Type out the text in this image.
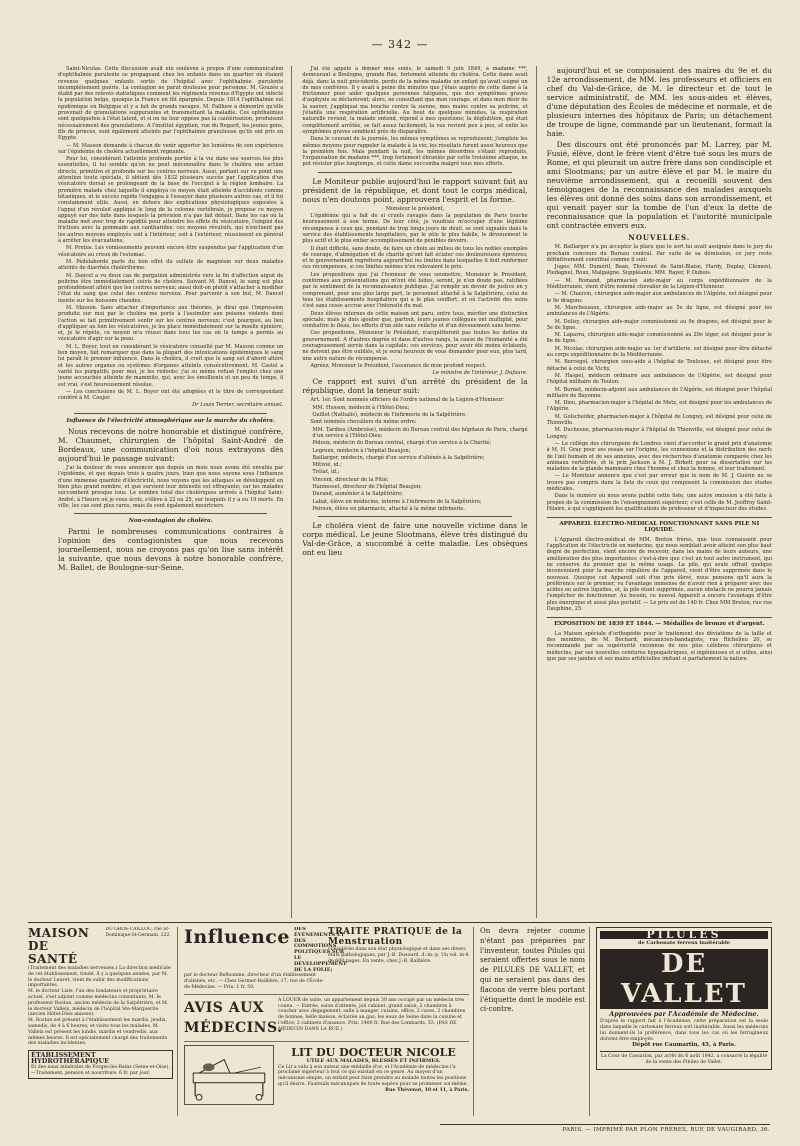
— 342 —

Saint-Nicolas. Cette discussion avait été soulevée à propos d'une communication d'ophthalmie purulente se propageant chez les enfants dans un quartier où étaient revenus quelques enfants sortis de l'hôpital avec l'ophthalmie purulente incomplétement guérie. La contagion ne parut douteuse pour personne. M. Gouzée a établi par des relevés statistiques comment les régiments revenus d'Égypte ont infecté la population belge, quoique la France en fût épargnée. Depuis 1814 l'ophthalmie est épidémique en Belgique et y a fait de grands ravages. M. Fallhow a démontré qu'elle provenait de granulations suppurantes et transmettant la maladie. Ces ophthalmies sont quelquefois à l'état latent, et si on ne leur oppose pas la cautérisation, produisent nécessairement des granulations. A l'institut égyptien, rue du Regard, les jeunes gens, fils de princes, sont également atteints par l'ophthalmie granuleuse qu'ils ont pris en Égypte.

— M. Masson demande à chacun de venir apporter les lumières de son expérience sur l'épidémie de choléra actuellement régnante.

Pour lui, considérant l'atteinte profonde portée à la vie dans ses sources les plus essentielles, il lui semble qu'on ne peut méconnaître dans le choléra une action directe, primitive et profonde sur les centres nerveux. Aussi, portant sur ce point une attention toute spéciale, il obtient dès 1832 plusieurs succès par l'application d'un vésicatoire dorsal se prolongeant de la base de l'occiput à la région lombaire. La première malade chez laquelle il employa ce moyen était atteinte d'accidents comme tétaniques, et le succès rapide l'engagea à l'essayer dans plusieurs autres cas, et il fut constamment utile. Aussi, en dehors des explications physiologiques exposées à l'appui d'un révulsif appliqué le long de la colonne vertébrale, je propose ce moyen appuyé sur des faits dans lesquels la prévision n'a pas fait défaut. Dans les cas où la maladie met avec trop de rapidité pour attendre les effets du vésicatoire, l'emploi des frictions avec la pommade aux cantharides; ces moyens révulsifs, qui n'excluent pas les autres moyens employés soit à l'intérieur, soit à l'extérieur, réussissent en général à arrêter les évacuations.

M. Pretus. Les vomissements peuvent encore être suspendus par l'application d'un vésicatoire au creux de l'estomac.

M. Pédelaborde parle du bon effet du sulfate de magnésie sur deux malades atteints de diarrhée cholériforme.

M. Dancel a vu deux cas de purgation administrée vers la fin d'affection aiguë de poitrine être immédiatement suivis de choléra. Suivant M. Dancel, le sang est plus profondément altéré que les centres nerveux; aussi doit-on plutôt s'attacher à modifier l'état du sang que celui des centres nerveux. Pour parvenir à son but, M. Dancel insiste sur les boissons chaudes.

M. Masson. Sans attacher d'importance aux théories, je dirai que l'impression produite sur moi par le choléra me porte à l'assimiler aux poisons violents dont l'action se fait primitivement sentir sur les centres nerveux; c'est pourquoi, au lieu d'appliquer au loin les vésicatoires, je les place immédiatement sur la moelle épinière, et, je le répète, ce moyen m'a réussi dans tous les cas où le temps a permis au vésicatoire d'agir sur la peau.

M. L. Boyer, tout en considérant le vésicatoire conseillé par M. Masson comme un bon moyen, fait remarquer que dans la plupart des intoxications épidémiques le sang lui paraît le premier influencé. Dans le choléra, il croit que le sang est d'abord altéré et les autres organes ou systèmes d'organes atteints consécutivement. M. Castel a vanté les purgatifs; pour moi, je les redoute; j'ai su même refusé l'emploi chez une jeune accouchée atteinte de mammite, qui, avec les émollients et un peu de temps, il est vrai, s'est heureusement résolue.

— Les conclusions de M. L. Boyer ont été adoptées et le titre de correspondant conféré à M. Caujer.

Dr Louis Terrier, secrétaire annuel.

Influence de l'électricité atmosphérique sur la marche du choléra.

Nous recevons de notre honorable et distingué confrère, M. Chaumet, chirurgien de l'hôpital Saint-André de Bordeaux, une communication d'où nous extrayons dès aujourd'hui le passage suivant:

J'ai la douleur de vous annoncer que depuis un mois nous avons été envahis par l'épidémie, et que depuis trois à quatre jours, bien que nous soyons sous l'influence d'une immense quantité d'électricité, nous voyons que les attaques se développent en bien plus grand nombre, et que survient leur intensité est effrayante; car les malades succombent presque tous. Le nombre total des cholériques arrivés à l'hôpital Saint-André, à l'heure où je vous écris, s'élève à 22 ou 25, sur lesquels il y a eu 19 morts. En ville, les cas sont plus rares, mais ils sont également meurtriers.

Non-contagion du choléra.

Parmi le nombreuses communications contraires à l'opinion des contagionistes que nous recevons journellement, nous ne croyons pas qu'on lise sans intérêt la suivante, que nous devons à notre honorable confrère, M. Ballet, de Boulogne-sur-Seine.

J'ai été appelé à donner mes soins, le samedi 9 juin 1849, à madame ***, demeurant à Boulogne, grande Rue, fortement atteinte du choléra. Cette dame avait déjà, dans la nuit précédente, perdu de la même maladie un enfant qu'avait soigné un de mes confrères. Il y avait à peine dix minutes que j'étais auprès de cette dame à la frictionner pour aider quelques personnes fatiguées, que des symptômes graves d'asphyxie se déclarèrent; alors, ne consultant que mon courage, et dans mon désir de la sauver, j'appliquai ma bouche contre la sienne, mes mains contre sa poitrine, et j'établis une respiration artificielle. Au bout de quelques minutes, la respiration naturelle revient, la malade entend, répond à mes questions; la déglutition, qui était complétement arrêtée, se fait assez facilement; la vue revient peu à peu, et enfin les symptômes graves semblent près de disparaître.

Dans le courant de la journée, les mêmes symptômes se reproduisent; j'emploie les mêmes moyens pour rappeler la malade à la vie; les résultats furent aussi heureux que la première fois. Mais pendant la nuit, les mêmes désordres s'étant reproduits, l'organisation de madame ***, trop fortement ébranlée par cette troisième attaque, ne put résister plus longtemps, et cette dame succomba malgré tous mes efforts.

Le Moniteur publie aujourd'hui le rapport suivant fait au président de la république, et dont tout le corps médical, nous n'en doutons point, approuvera l'esprit et la forme.

Monsieur le président,

L'épidémie qui a fait de si cruels ravages dans la population de Paris touche heureusement à son terme. De leur côté, je voudrais m'occuper d'une légitime récompense à ceux qui, pendant de trop longs jours de deuil, se sont signalés dans le service des établissements hospitaliers, par le zèle le plus habile, le dévouement le plus actif et le plus entier accomplissement de pénibles devoirs.

Il était difficile, sans doute, de faire un choix au milieu de tous les nobles exemples de courage, d'abnégation et de charité qu'ont fait éclater ces douloureuses épreuves; et le gouvernement regrettera aujourd'hui les limites dans lesquelles il doit renfermer ces récompenses, si ces limites mêmes n'en relevaient le prix.

Les propositions que j'ai l'honneur de vous soumettre, Monsieur le Président, conformes aux présentations qui m'ont été faites, seront, je n'en doute pas, ratifiées par le sentiment de la reconnaissance publique. J'ai remplir un devoir de justice en y comprenant, pour une plus large part, le personnel attaché à la Salpêtrière, celui de tous les établissements hospitaliers qui a le plus souffert, et où l'activité des soins s'est sans cesse accrue avec l'intensité du mal.

Deux élèves internes de cette maison ont paru, entre tous, mériter une distinction spéciale; mais je dois ajouter que, partout, leurs jeunes collègues ont multiplié, pour combattre le fléau, les efforts d'un zèle sans relâche et d'un dévouement sans borne.

Ces propositions, Monsieur le Président, n'acquitteront pas toutes les dettes du gouvernement. A d'autres degrés et dans d'autres rangs, la cause de l'humanité a été courageusement servie dans la capitale; ces services, pour avoir été moins éclatants, ne doivent pas être oubliés, et je serai heureux de vous demander pour eux, plus tard, une autre nature de récompense.

Agréez, Monsieur le Président, l'assurance de mon profond respect.

Le ministre de l'intérieur, J. Dufaure.

Ce rapport est suivi d'un arrêté du président de la république, dont la teneur suit:

Art. 1er. Sont nommés officiers de l'ordre national de la Légion-d'Honneur:

MM. Husson, médecin à l'Hôtel-Dieu;

Guillot (Nathalis), médecin de l'infirmerie de la Salpêtrière.

Sont nommés chevaliers du même ordre:

MM. Tardieu (Ambroise), médecin du Bureau central des hôpitaux de Paris, chargé d'un service à l'Hôtel-Dieu;

Pidoux, médecin du Bureau central, chargé d'un service à la Charité;

Legroux, médecin à l'hôpital Beaujon;

Baillarger, médecin, chargé d'un service d'aliénés à la Salpêtrière;

Mitivié, id.;

Trélat, id.;

Vincent, directeur de la Pitié;

Hannesset, directeur de l'hôpital Beaujon;

Durand, aumônier à la Salpêtrière;

Labat, élève en médecine, interne à l'infirmerie de la Salpêtrière;

Poirson, élève en pharmacie, attaché à la même infirmerie.

Le choléra vient de faire une nouvelle victime dans le corps médical. Le jeune Slootmans, élève très distingué du Val-de-Grâce, a succombé à cette maladie. Les obsèques ont eu lieu

aujourd'hui et se composaient des maires du 9e et du 12e arrondissement, de MM. les professeurs et officiers en chef du Val-de-Grâce, de M. le directeur et de tout le service administratif, de MM. les sous-aides et élèves, d'une députation des Écoles de médecine et normale, et de plusieurs internes des hôpitaux de Paris; un détachement de troupe de ligne, commandé par un lieutenant, formait la haie.

Des discours ont été prononcés par M. Larrey, par M. Fusié, élève, dont le frère vient d'être tué sous les murs de Rome, et qui pleurait un autre frère dans son condisciple et ami Slootmans; par un autre élève et par M. le maire du neuvième arrondissement, qui a recueilli souvent des témoignages de la reconnaissance des malades auxquels les élèves ont donné des soins dans son arrondissement, et qui venait payer sur la tombe de l'un d'eux la dette de reconnaissance que la population et l'autorité municipale ont contractée envers eux.

NOUVELLES.

M. Baillarger n'a pu accepter la place que le sort lui avait assignée dans le jury du prochain concours du Bureau central. Par suite de sa démission, ce jury reste définitivement constitué comme il suit:

Juges: MM. Duméril, Bean, Thévenot de Saint-Blaise, Hardy, Duplay, Clément, Piedagnel, Roux, Malgaigne. Suppléants: MM. Rayer, P. Dubois.

— M. Romand, pharmacien aide-major au corps expéditionnaire de la Méditerranée, vient d'être nommé chevalier de la Légion-d'Honneur.

— M. Chauvin, chirurgien aide-major aux ambulances de l'Algérie, est désigné pour le 9e dragons.

M. Marchessaux, chirurgien aide-major au 5e de ligne, est désigné pour les ambulances de l'Algérie.

M. Dolisy, chirurgien aide-major commissionné au 9e dragons, est désigné pour le 5e de ligne.

M. Laparra, chirurgien aide-major commissionné au 20e léger, est désigné pour le 8e de ligne.

M. Nicolas, chirurgien aide-major au 1er d'artillerie, est désigné pour être détaché au corps expéditionnaire de la Méditerranée.

M. Bercegol, chirurgien sous-aide à l'hôpital de Toulouse, est désigné pour être détaché à celui de Vichy.

M. Haspel, médecin ordinaire aux ambulances de l'Algérie, est désigné pour l'hôpital militaire de Toulon.

M. Burnet, médecin-adjoint aux ambulances de l'Algérie, est désigné pour l'hôpital militaire de Bayonne.

M. Dieu, pharmacien-major à l'hôpital de Metz, est désigné pour les ambulances de l'Algérie.

M. Golscheider, pharmacien-major à l'hôpital de Longwy, est désigné pour celui de Thionville.

M. Duchesne, pharmacien-major à l'hôpital de Thionville, est désigné pour celui de Longwy.

— Le collège des chirurgiens de Londres vient d'accorder le grand prix d'anatomie à M. H. Gray pour ses essais sur l'origine, les connexions et la distribution des nerfs de l'œil humain et de ses annexes, avec des recherches d'anatomie comparée chez les animaux vertébrés, et le prix Jackson à M. J. Birkett pour sa dissertation sur les maladies de la glande mammaire chez l'homme et chez la femme, et leur traitement.

— Le Moniteur annonce que c'est par erreur que le nom de M. J. Guérin ne se trouve pas compris dans la liste de ceux qui composent la commission des études médicales.

Dans le numéro où nous avons publié cette liste, une autre omission a été faite à propos de la commission de l'enseignement supérieur; c'est celle de M. Jeoffroy Saint-Hilaire, à qui s'appliquent les qualifications de professeur et d'inspecteur des études.

APPAREIL ÉLECTRO-MÉDICAL FONCTIONNANT SANS PILE NI LIQUIDE.

L'Appareil électro-médical de MM. Breton frères, que tous connaissent pour l'application de l'électricité en médecine, qui nous semblait avoir atteint son plus haut degré de perfection, vient encore de recevoir, dans les mains de leurs auteurs, une amélioration des plus importantes; c'est-à-dire que c'est un tout autre instrument, qui ne conserve du premier que le même usage. La pile, qui seule offrait quelque inconvénient pour la marche régulière de l'appareil, vient d'être supprimée dans le nouveau. Quoique cet Appareil soit d'un prix élevé, nous pensons qu'il aura la préférence sur le premier, vu l'avantage immense de n'avoir rien à préparer avec des acides ou autres liquides, et, la pile étant supprimée, aucun obstacle ne pourra jamais l'empêcher de fonctionner. Au besoin, ce nouvel Appareil a encore l'avantage d'être plus énergique et aussi plus portatif. — Le prix est de 140 fr. Chez MM Breton, rue rue Dauphine, 25.

EXPOSITION DE 1839 ET 1844. — Médailles de bronze et d'argent.

La Maison spéciale d'orthopédie pour le traitement des déviations de la taille et des membres, de M. Béchard, mécanicien-bandagiste, rue Richelieu 20, se recommande par sa supériorité reconnue de nos plus célèbres chirurgiens et médecins, par ses nouvelles ceintures hypogastriques, si ingénieuses et si utiles, ainsi que par ses jambes et ses mains artificielles imitant si parfaitement la nature.

MAISON DE SANTÉ
DU GROS-CAILLOU, rue St-Dominique-St-Germain, 222.

(Traitement des maladies nerveuses.) La direction médicale de cet établissement, fondé, il y a quelques années, par M. le docteur Leuret, vient de subir des modifications importantes.

M. le docteur Lisle, l'un des fondateurs et propriétaire actuel, s'est adjoint comme médecins consultants, M. le professeur Rostan, ancien médecin de la Salpêtrière, et M. le docteur Valleix, médecin de l'hôpital Ste-Marguerite (ancien Hôtel-Dieu annexe).

M. Rostan est présent à l'établissement les mardis, jeudis, samedis, de 4 à 6 heures, et visite tous les malades. M. Valleix est présent les lundis, mardis et vendredis, aux mêmes heures. Il est spécialement chargé des traitements des maladies incidentes.

ÉTABLISSEMENT HYDROTHÉRAPIQUE

Et des eaux minérales de Forges-les-Bains (Seine-et-Oise). —Traitement, pension et nourriture. 6 fr. par jour.

Influence DES ÉVÉNEMENTS ET DES COMMOTIONS POLITIQUES SUR LE DÉVELOPPEMENT DE LA FOLIE;

par le docteur Belhomme, directeur d'un établissement d'aliénés, etc. — Chez Germer-Baillière, 17, rue de l'École-de-Médecine. — Prix: 1 fr. 50.

TRAITÉ PRATIQUE de la Menstruation

considérée dans son état physiologique et dans ses divers états pathologiques, par J.-B. Dusourd, d.-m.-p. Un vol. in-8 de 600 pages. En vente, chez J.-B. Baillière.

AVIS AUX MÉDECINS.

A LOUER de suite, un appartement depuis 30 ans occupé par un médecin très connu. — Entrée, salon d'attente, joli cabinet, grand salon, 2 chambres à coucher avec dégagement, salle à manger, cuisine, office, 2 caves, 2 chambres de bonnes; belle maison, éclairée au gaz; les eaux de Seine dans la cuisine et l'office; 2 cabinets d'aisance. Prix: 1400 fr. Rue des Lombards, 33. (PAS DE MÉDECIN DANS LA RUE.)

LIT DU DOCTEUR NICOLE
UTILE AUX MALADES, BLESSÉS ET INFIRMES.

Ce Lit a valu à son auteur une médaille d'or, et l'Académie de médecine l'a proclamé supérieur à tout ce qui existait en ce genre. Au moyen d'un mécanisme simple, un enfant peut faire prendre au malade toutes les positions qu'il désire. Fauteuils mécaniques de toute espèce pour se promener soi-même.

Rue Thévenot, 10 et 11, à Paris.

On devra rejeter comme n'étant pas préparées par l'inventeur, toutes Pilules qui seraient offertes sous le nom de PILULES DE VALLET, et qui ne seraient pas dans des flacons de verre bleu portant l'étiquette dont le modèle est ci-contre.

PILULES
de Carbonate ferreux inaltérable
DE VALLET
Approuvées par l'Académie de Médecine.

D'après le rapport fait à l'Académie, cette préparation est la seule dans laquelle le carbonate ferreux soit inaltérable. Aussi les médecins lui donnent-ils la préférence, dans tous les cas où les ferrugineux doivent être employés.

Dépôt rue Caumartin, 45, à Paris.

La Cour de Cassation, par arrêt du 6 août 1842, a consacré la légalité de la vente des Pilules de Vallet.

PARIS. — IMPRIMÉ PAR PLON FRÈRES, RUE DE VAUGIRARD, 36.
